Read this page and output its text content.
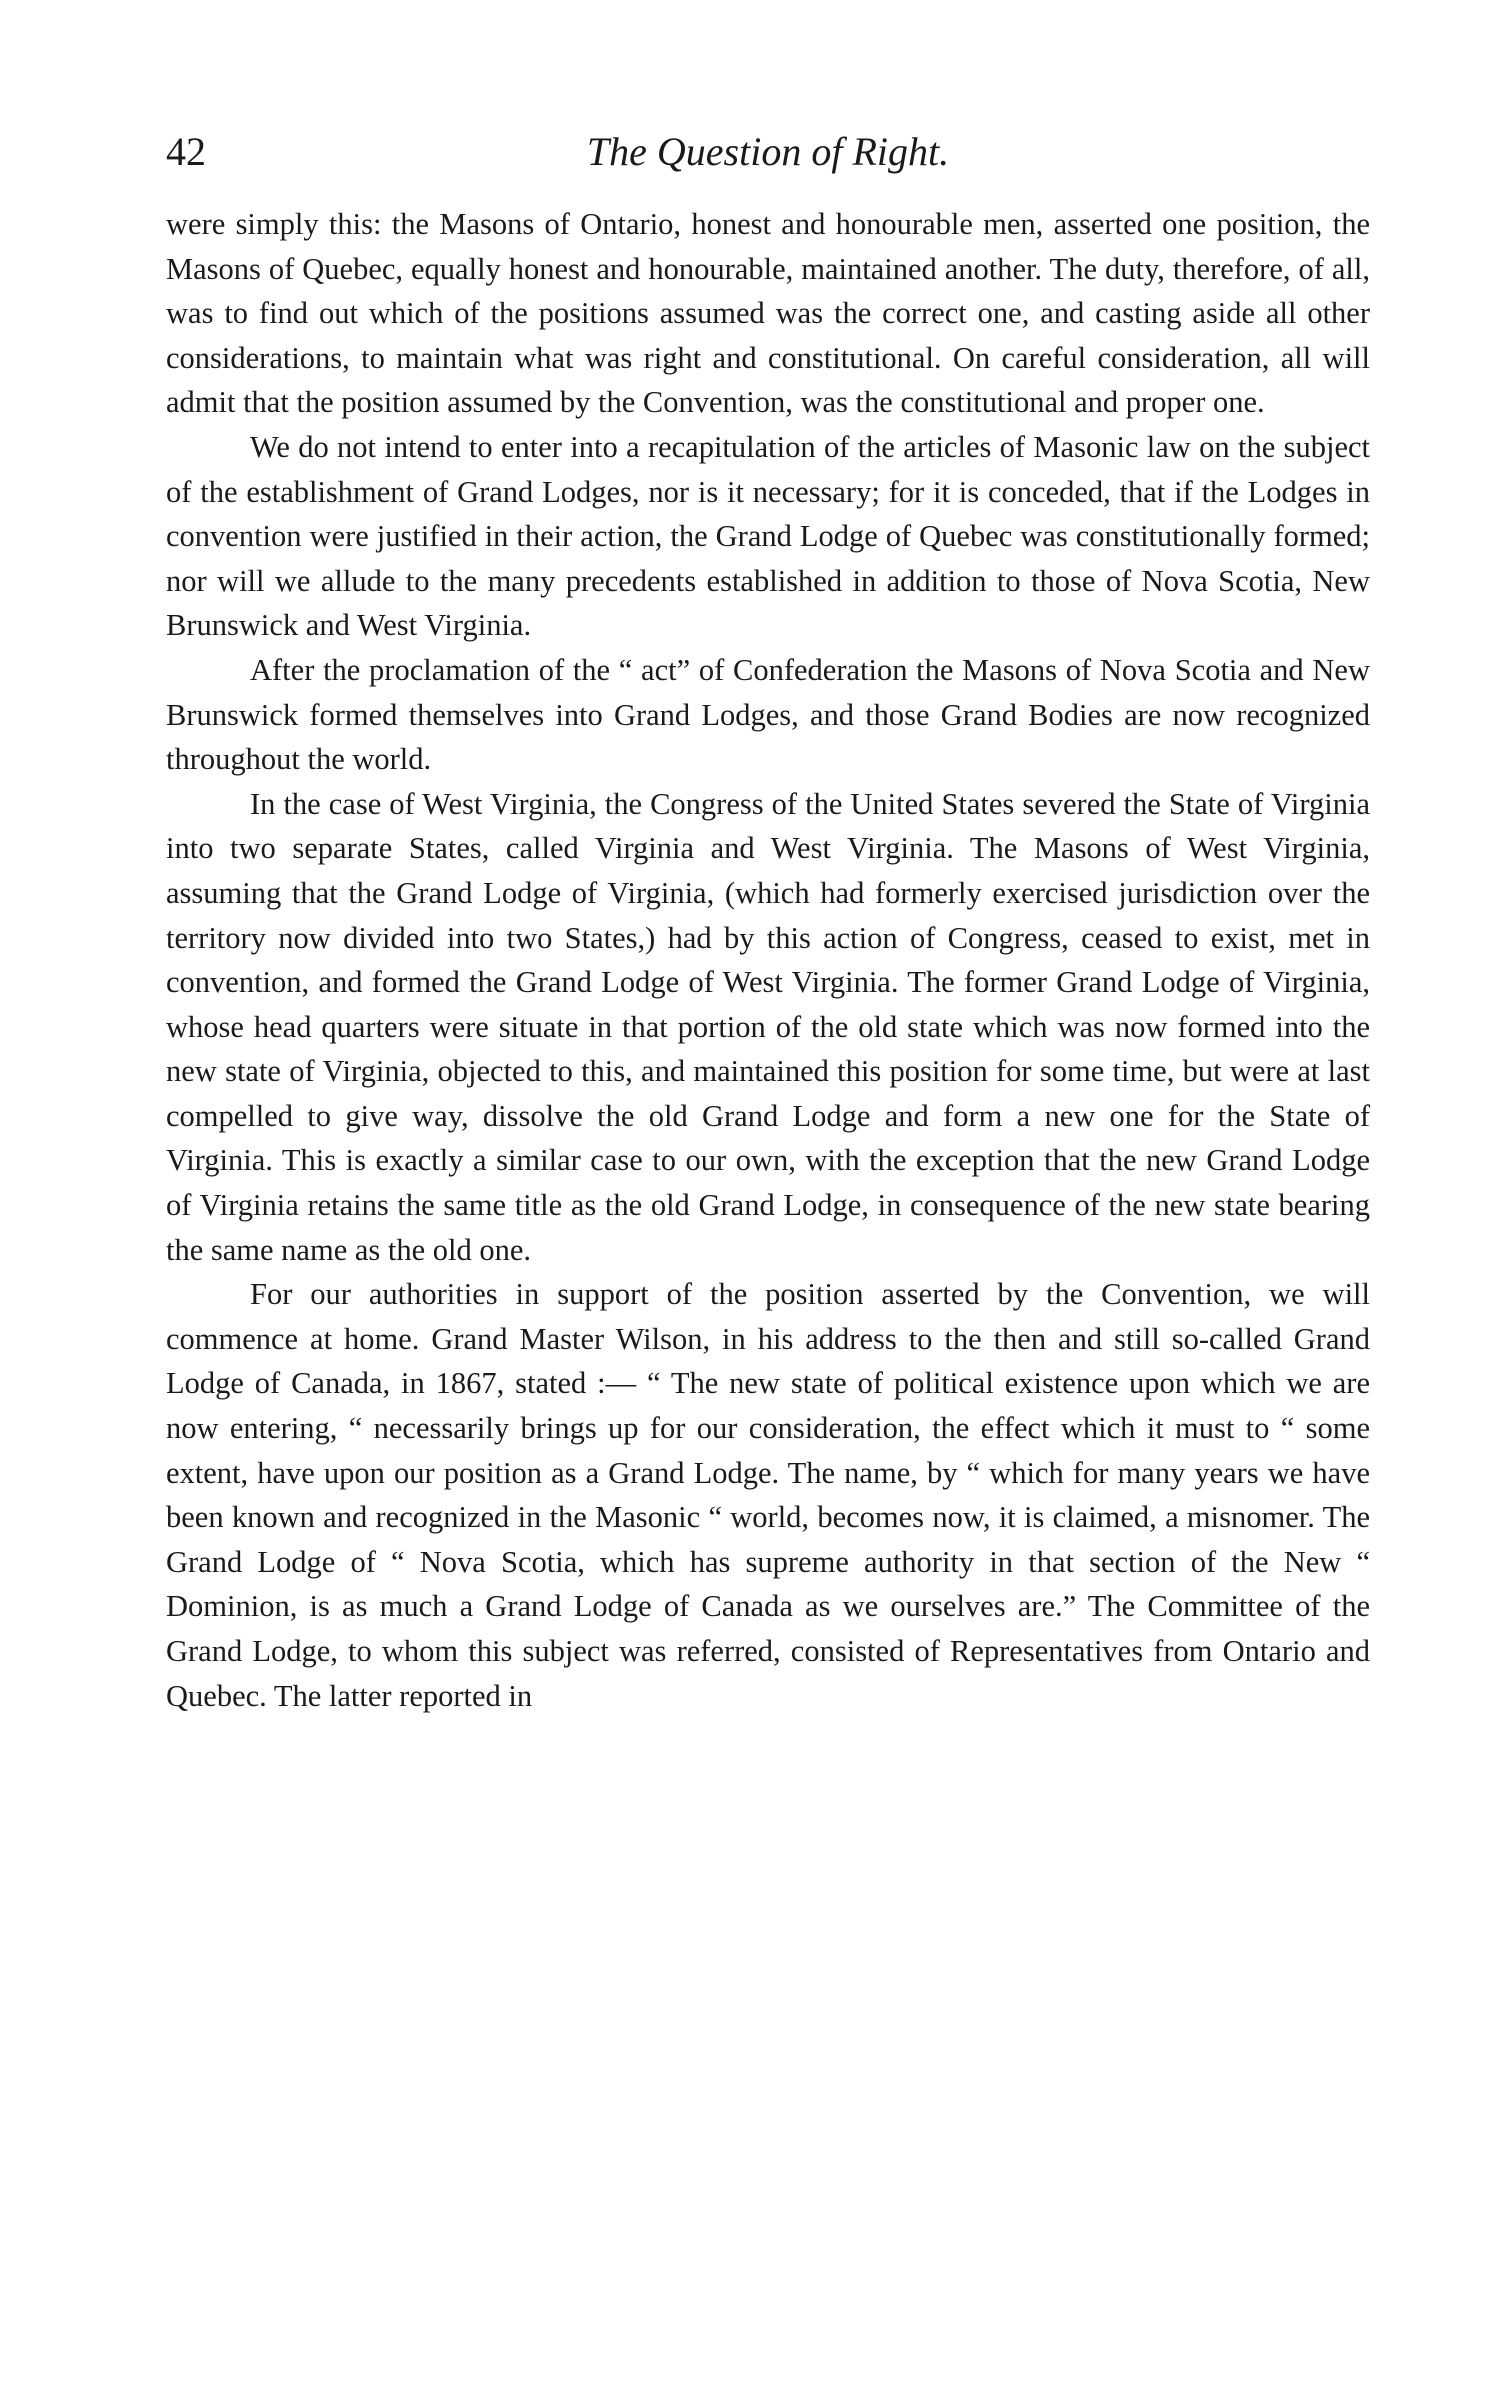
42	The Question of Right.

were simply this: the Masons of Ontario, honest and honourable men, asserted one position, the Masons of Quebec, equally honest and honourable, maintained another. The duty, therefore, of all, was to find out which of the positions assumed was the correct one, and casting aside all other considerations, to maintain what was right and constitutional. On careful consideration, all will admit that the position assumed by the Convention, was the constitutional and proper one.

We do not intend to enter into a recapitulation of the articles of Masonic law on the subject of the establishment of Grand Lodges, nor is it necessary; for it is conceded, that if the Lodges in convention were justified in their action, the Grand Lodge of Quebec was constitutionally formed; nor will we allude to the many precedents established in addition to those of Nova Scotia, New Brunswick and West Virginia.

After the proclamation of the “ act” of Confederation the Masons of Nova Scotia and New Brunswick formed themselves into Grand Lodges, and those Grand Bodies are now recognized throughout the world.

In the case of West Virginia, the Congress of the United States severed the State of Virginia into two separate States, called Virginia and West Virginia. The Masons of West Virginia, assuming that the Grand Lodge of Virginia, (which had formerly exercised jurisdiction over the territory now divided into two States,) had by this action of Congress, ceased to exist, met in convention, and formed the Grand Lodge of West Virginia. The former Grand Lodge of Virginia, whose head quarters were situate in that portion of the old state which was now formed into the new state of Virginia, objected to this, and maintained this position for some time, but were at last compelled to give way, dissolve the old Grand Lodge and form a new one for the State of Virginia. This is exactly a similar case to our own, with the exception that the new Grand Lodge of Virginia retains the same title as the old Grand Lodge, in consequence of the new state bearing the same name as the old one.

For our authorities in support of the position asserted by the Convention, we will commence at home. Grand Master Wilson, in his address to the then and still so-called Grand Lodge of Canada, in 1867, stated :— “ The new state of political existence upon which we are now entering, “ necessarily brings up for our consideration, the effect which it must to “ some extent, have upon our position as a Grand Lodge. The name, by “ which for many years we have been known and recognized in the Masonic “ world, becomes now, it is claimed, a misnomer. The Grand Lodge of “ Nova Scotia, which has supreme authority in that section of the New “ Dominion, is as much a Grand Lodge of Canada as we ourselves are.” The Committee of the Grand Lodge, to whom this subject was referred, consisted of Representatives from Ontario and Quebec. The latter reported in
